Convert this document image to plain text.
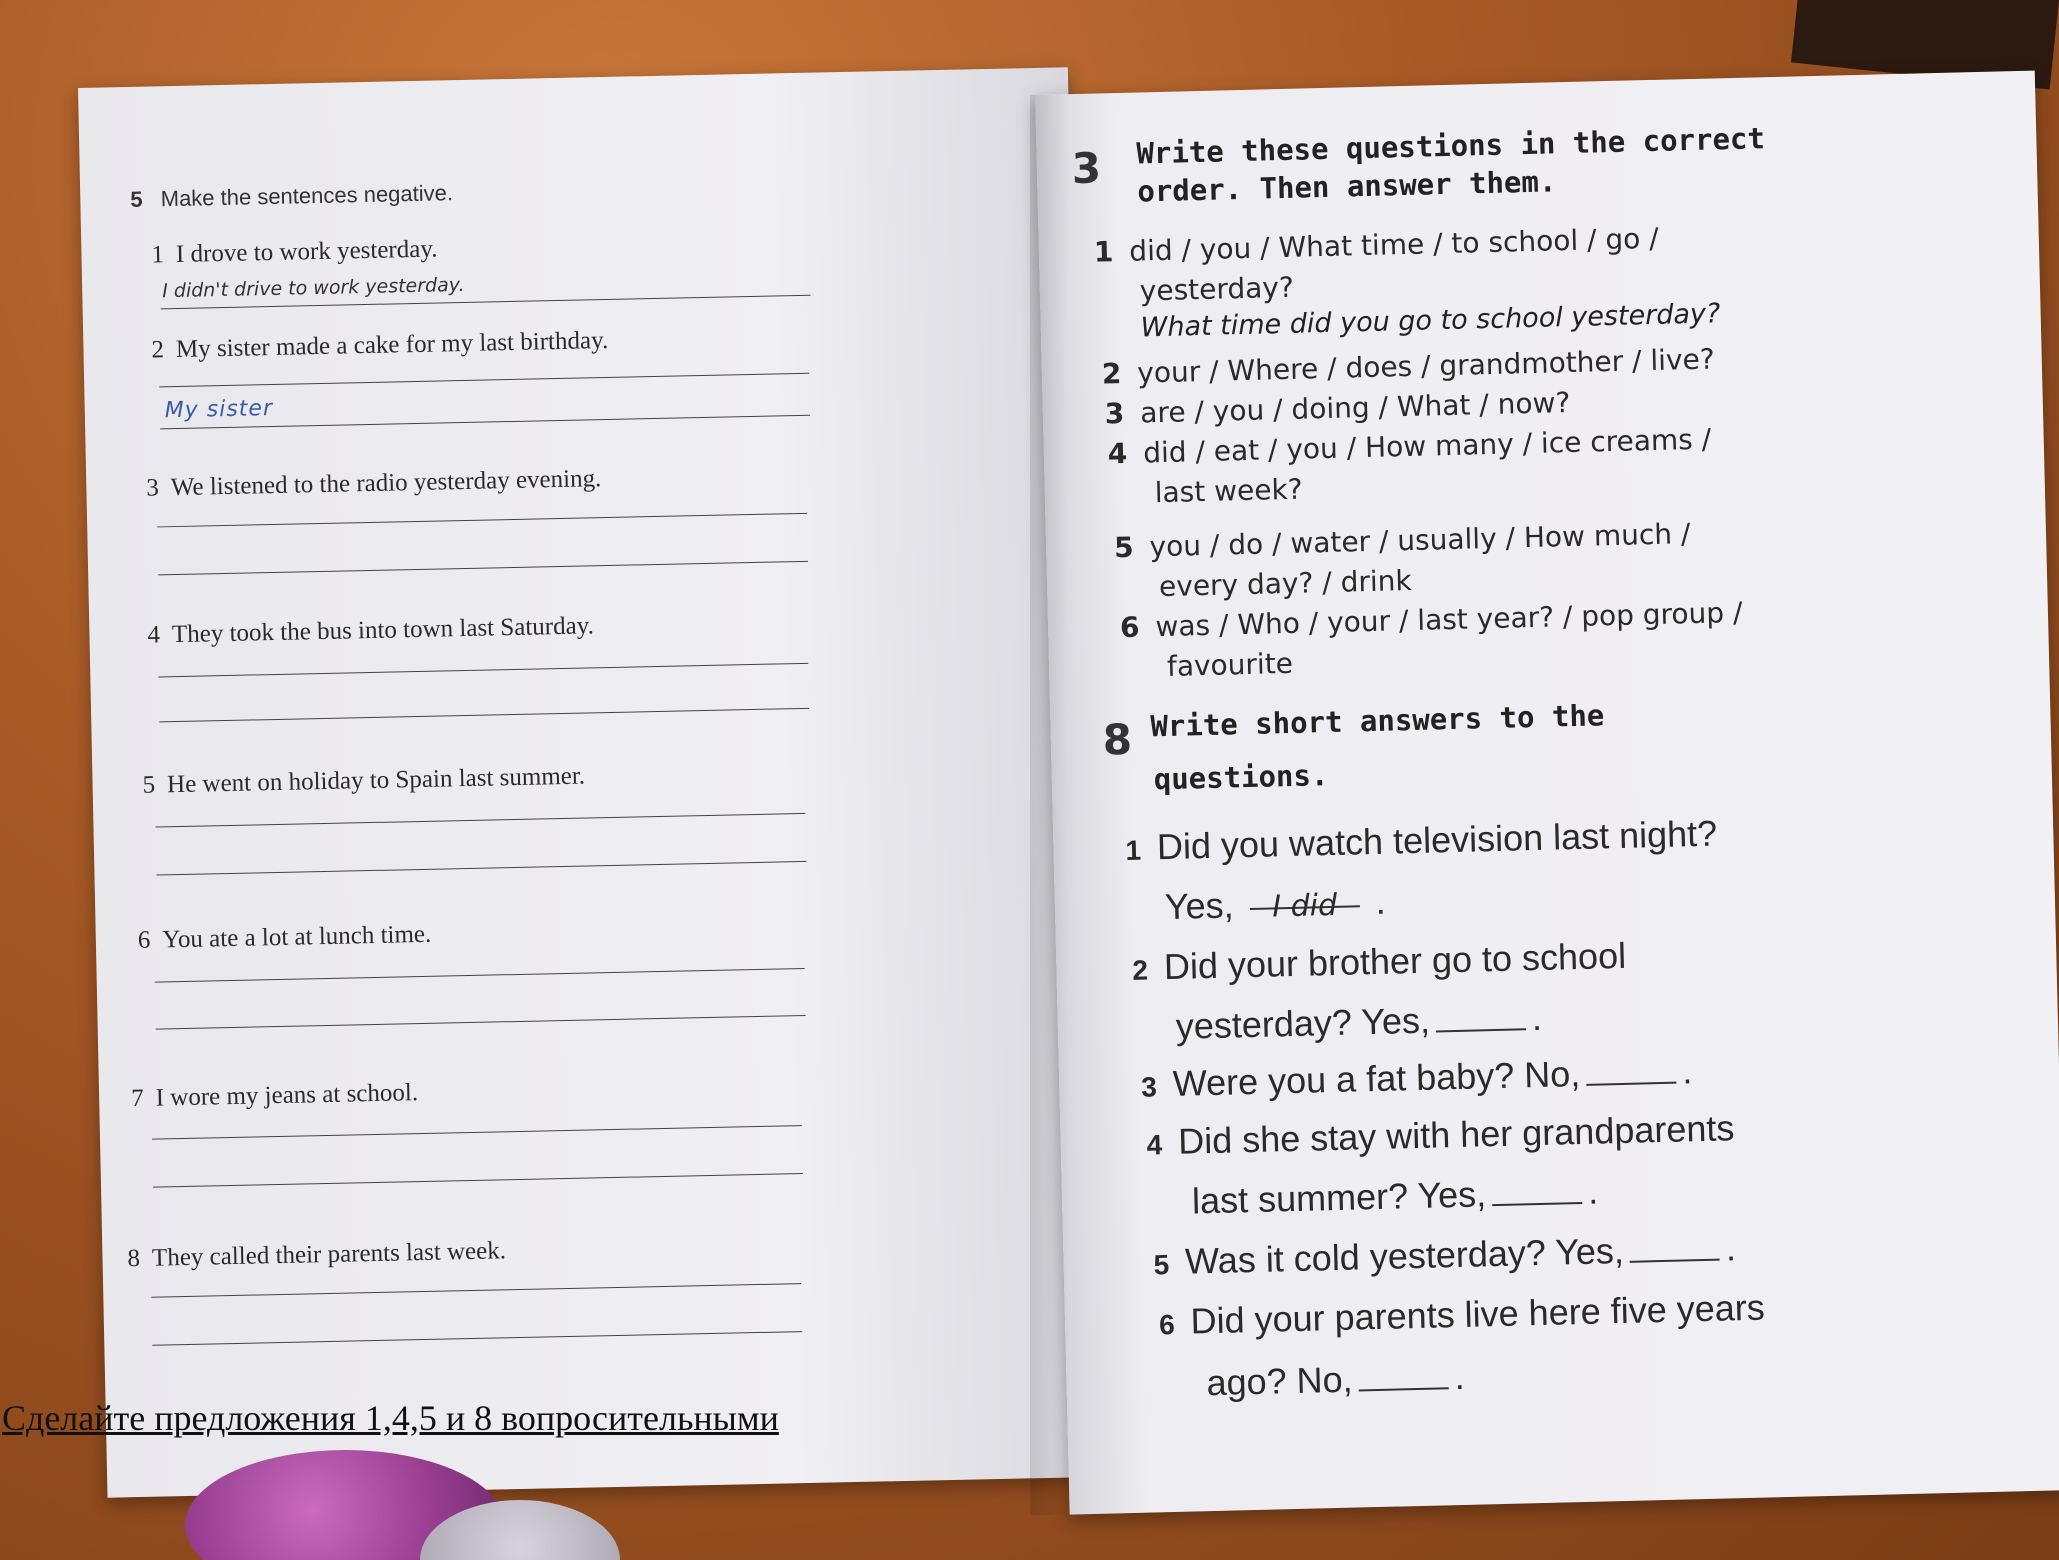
5 Make the sentences negative.
1 I drove to work yesterday.
I didn't drive to work yesterday.
2 My sister made a cake for my last birthday.
My sister
3 We listened to the radio yesterday evening.
4 They took the bus into town last Saturday.
5 He went on holiday to Spain last summer.
6 You ate a lot at lunch time.
7 I wore my jeans at school.
8 They called their parents last week.
Сделайте предложения 1,4,5 и 8 вопросительными
3 Write these questions in the correct
order. Then answer them.
1 did / you / What time / to school / go /
yesterday?
What time did you go to school yesterday?
2 your / Where / does / grandmother / live?
3 are / you / doing / What / now?
4 did / eat / you / How many / ice creams /
last week?
5 you / do / water / usually / How much /
every day? / drink
6 was / Who / your / last year? / pop group /
favourite
8 Write short answers to the
questions.
1 Did you watch television last night?
Yes, I did .
2 Did your brother go to school
yesterday? Yes,	.
3 Were you a fat baby? No,	.
4 Did she stay with her grandparents
last summer? Yes,	.
5 Was it cold yesterday? Yes,	.
6 Did your parents live here five years
ago? No,	.
